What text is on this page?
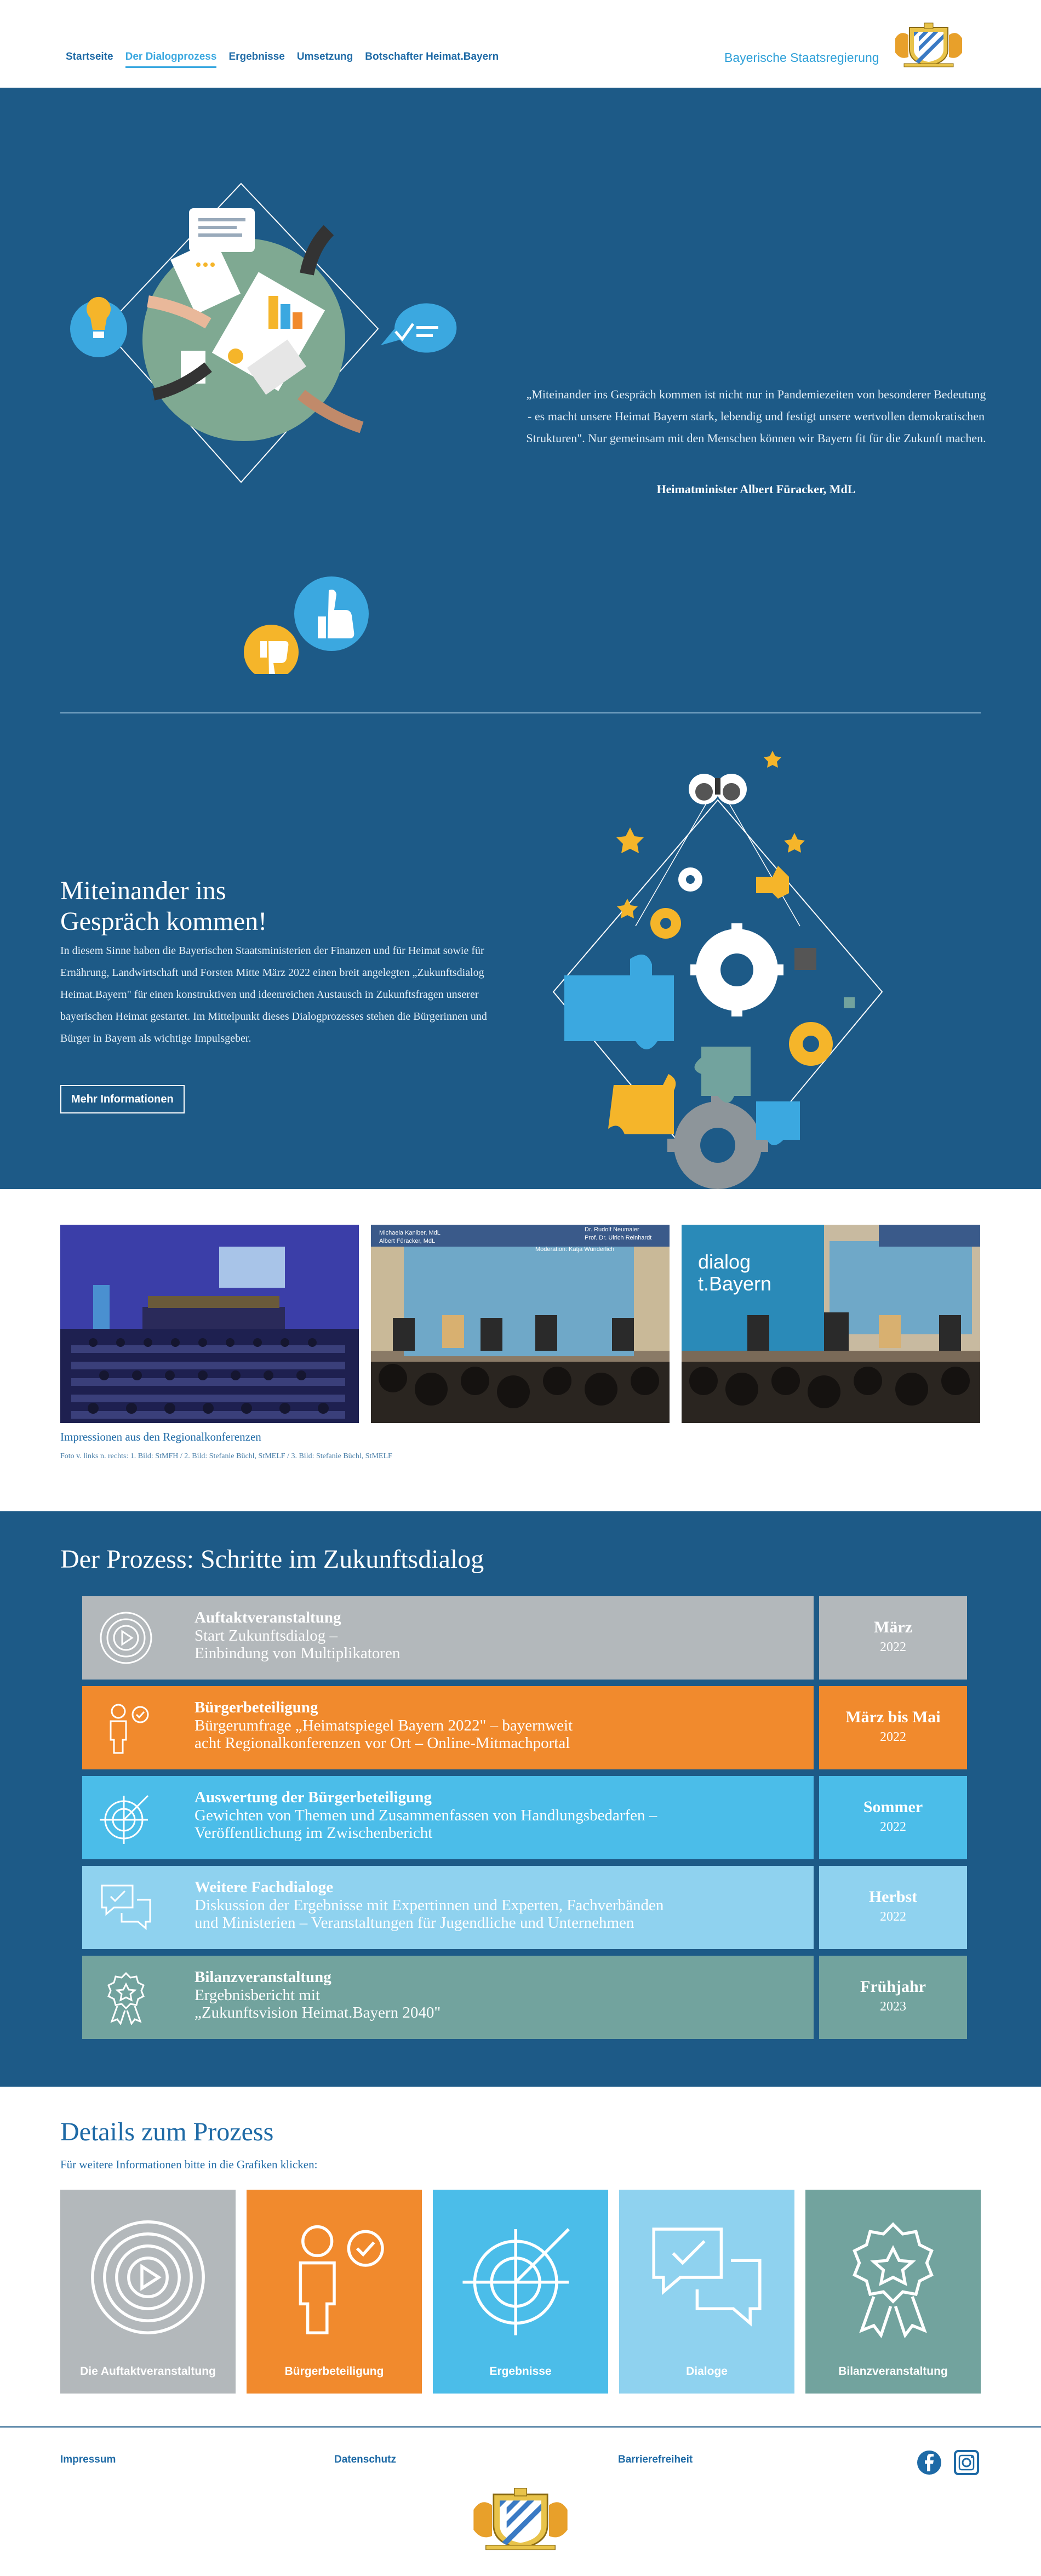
Startseite Der Dialogprozess Ergebnisse Umsetzung Botschafter Heimat.Bayern	Bayerische Staatsregierung
„Miteinander ins Gespräch kommen ist nicht nur in Pandemiezeiten von besonderer Bedeutung - es macht unsere Heimat Bayern stark, lebendig und festigt unsere wertvollen demokratischen Strukturen". Nur gemeinsam mit den Menschen können wir Bayern fit für die Zukunft machen.
Heimatminister Albert Füracker, MdL
Miteinander ins
Gespräch kommen!

In diesem Sinne haben die Bayerischen Staatsministerien der Finanzen und für Heimat sowie für Ernährung, Landwirtschaft und Forsten Mitte März 2022 einen breit angelegten „Zukunftsdialog Heimat.Bayern" für einen konstruktiven und ideenreichen Austausch in Zukunftsfragen unserer bayerischen Heimat gestartet. Im Mittelpunkt dieses Dialogprozesses stehen die Bürgerinnen und Bürger in Bayern als wichtige Impulsgeber.

Mehr Informationen
Michaela Kaniber, MdL
Albert Füracker, MdL
Dr. Rudolf Neumaier
Prof. Dr. Ulrich Reinhardt
Moderation: Katja Wunderlich
dialog
t.Bayern
Impressionen aus den Regionalkonferenzen
Foto v. links n. rechts: 1. Bild: StMFH / 2. Bild: Stefanie Büchl, StMELF / 3. Bild: Stefanie Büchl, StMELF
Der Prozess: Schritte im Zukunftsdialog
Auftaktveranstaltung
Start Zukunftsdialog –
Einbindung von Multiplikatoren
März
2022
Bürgerbeteiligung
Bürgerumfrage „Heimatspiegel Bayern 2022" – bayernweit
acht Regionalkonferenzen vor Ort – Online-Mitmachportal
März bis Mai
2022
Auswertung der Bürgerbeteiligung
Gewichten von Themen und Zusammenfassen von Handlungsbedarfen –
Veröffentlichung im Zwischenbericht
Sommer
2022
Weitere Fachdialoge
Diskussion der Ergebnisse mit Expertinnen und Experten, Fachverbänden
und Ministerien – Veranstaltungen für Jugendliche und Unternehmen
Herbst
2022
Bilanzveranstaltung
Ergebnisbericht mit
„Zukunftsvision Heimat.Bayern 2040"
Frühjahr
2023
Details zum Prozess
Für weitere Informationen bitte in die Grafiken klicken:
Die Auftaktveranstaltung	Bürgerbeteiligung	Ergebnisse	Dialoge	Bilanzveranstaltung
Impressum	Datenschutz	Barrierefreiheit
